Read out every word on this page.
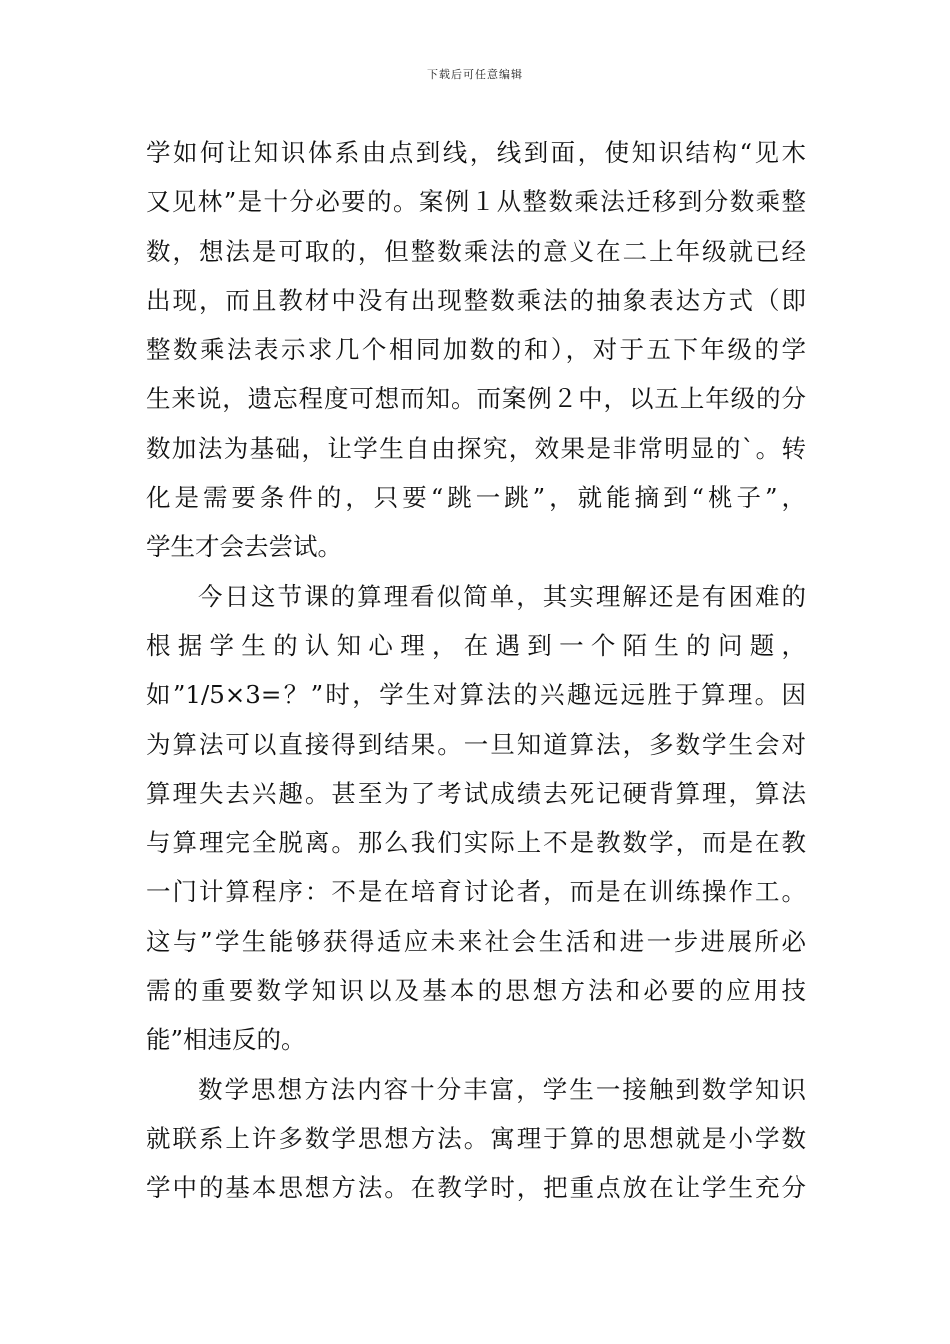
下载后可任意编辑
学如何让知识体系由点到线，线到面，使知识结构“见木
又见林”是十分必要的。案例１从整数乘法迁移到分数乘整
数，想法是可取的，但整数乘法的意义在二上年级就已经
出现，而且教材中没有出现整数乘法的抽象表达方式（即
整数乘法表示求几个相同加数的和），对于五下年级的学
生来说，遗忘程度可想而知。而案例２中，以五上年级的分
数加法为基础，让学生自由探究，效果是非常明显的`。转
化是需要条件的，只要“跳一跳”，就能摘到“桃子”，
学生才会去尝试。
今日这节课的算理看似简单，其实理解还是有困难的
根据学生的认知心理，在遇到一个陌生的问题，
如”1/5×3=？”时，学生对算法的兴趣远远胜于算理。因
为算法可以直接得到结果。一旦知道算法，多数学生会对
算理失去兴趣。甚至为了考试成绩去死记硬背算理，算法
与算理完全脱离。那么我们实际上不是教数学，而是在教
一门计算程序：不是在培育讨论者，而是在训练操作工。
这与”学生能够获得适应未来社会生活和进一步进展所必
需的重要数学知识以及基本的思想方法和必要的应用技
能”相违反的。
数学思想方法内容十分丰富，学生一接触到数学知识
就联系上许多数学思想方法。寓理于算的思想就是小学数
学中的基本思想方法。在教学时，把重点放在让学生充分
